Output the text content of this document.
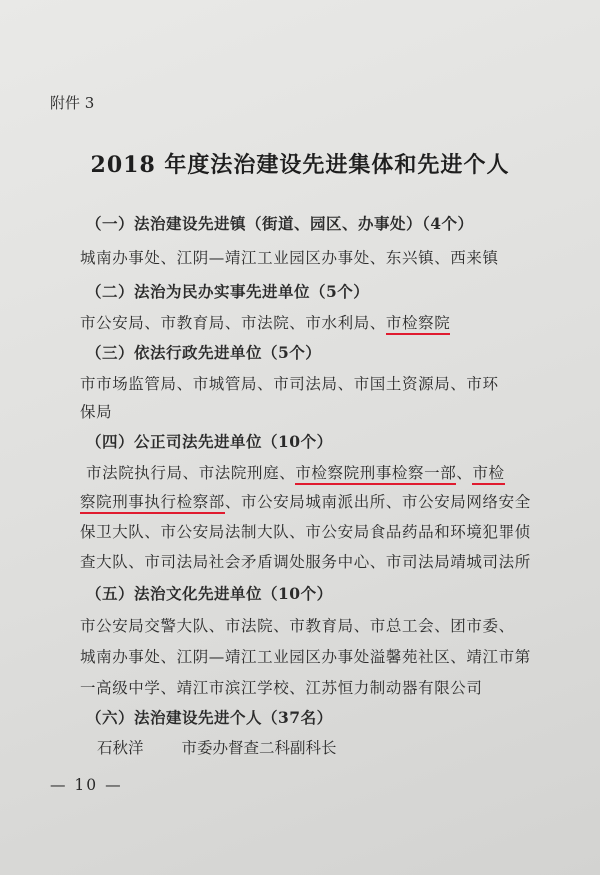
附件 3
2018 年度法治建设先进集体和先进个人
（一）法治建设先进镇（街道、园区、办事处）（4个）
城南办事处、江阴—靖江工业园区办事处、东兴镇、西来镇
（二）法治为民办实事先进单位（5个）
市公安局、市教育局、市法院、市水利局、市检察院
（三）依法行政先进单位（5个）
市市场监管局、市城管局、市司法局、市国土资源局、市环
保局
（四）公正司法先进单位（10个）
市法院执行局、市法院刑庭、市检察院刑事检察一部、市检
察院刑事执行检察部、市公安局城南派出所、市公安局网络安全
保卫大队、市公安局法制大队、市公安局食品药品和环境犯罪侦
查大队、市司法局社会矛盾调处服务中心、市司法局靖城司法所
（五）法治文化先进单位（10个）
市公安局交警大队、市法院、市教育局、市总工会、团市委、
城南办事处、江阴—靖江工业园区办事处溢馨苑社区、靖江市第
一高级中学、靖江市滨江学校、江苏恒力制动器有限公司
（六）法治建设先进个人（37名）
石秋洋 市委办督查二科副科长
— 10 —
